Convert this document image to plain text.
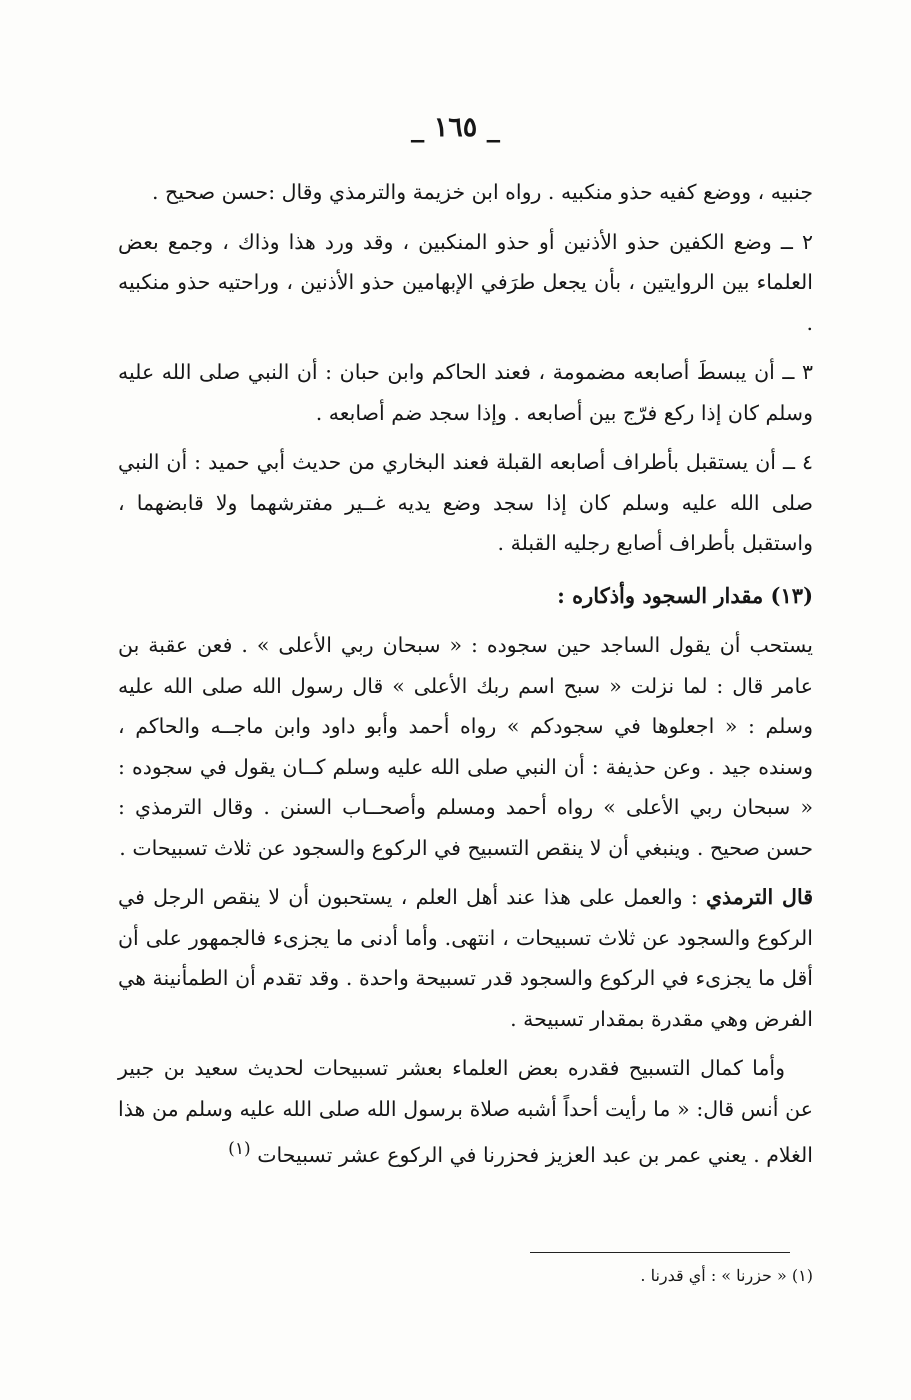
_ ١٦٥ _

جنبيه ، ووضع كفيه حذو منكبيه . رواه ابن خزيمة والترمذي وقال :حسن صحيح .

٢ ــ وضع الكفين حذو الأذنين أو حذو المنكبين ، وقد ورد هذا وذاك ، وجمع بعض العلماء بين الروايتين ، بأن يجعل طرَفي الإبهامين حذو الأذنين ، وراحتيه حذو منكبيه .

٣ ــ أن يبسطَ أصابعه مضمومة ، فعند الحاكم وابن حبان : أن النبي صلى الله عليه وسلم كان إذا ركع فرّج بين أصابعه . وإذا سجد ضم أصابعه .

٤ ــ أن يستقبل بأطراف أصابعه القبلة فعند البخاري من حديث أبي حميد : أن النبي صلى الله عليه وسلم كان إذا سجد وضع يديه غــير مفترشهما ولا قابضهما ، واستقبل بأطراف أصابع رجليه القبلة .

(١٣) مقدار السجود وأذكاره :

يستحب أن يقول الساجد حين سجوده : « سبحان ربي الأعلى » . فعن عقبة بن عامر قال : لما نزلت « سبح اسم ربك الأعلى » قال رسول الله صلى الله عليه وسلم : « اجعلوها في سجودكم » رواه أحمد وأبو داود وابن ماجــه والحاكم ، وسنده جيد . وعن حذيفة : أن النبي صلى الله عليه وسلم كــان يقول في سجوده : « سبحان ربي الأعلى » رواه أحمد ومسلم وأصحــاب السنن . وقال الترمذي : حسن صحيح . وينبغي أن لا ينقص التسبيح في الركوع والسجود عن ثلاث تسبيحات .

قال الترمذي : والعمل على هذا عند أهل العلم ، يستحبون أن لا ينقص الرجل في الركوع والسجود عن ثلاث تسبيحات ، انتهى. وأما أدنى ما يجزىء فالجمهور على أن أقل ما يجزىء في الركوع والسجود قدر تسبيحة واحدة . وقد تقدم أن الطمأنينة هي الفرض وهي مقدرة بمقدار تسبيحة .

وأما كمال التسبيح فقدره بعض العلماء بعشر تسبيحات لحديث سعيد بن جبير عن أنس قال: « ما رأيت أحداً أشبه صلاة برسول الله صلى الله عليه وسلم من هذا الغلام . يعني عمر بن عبد العزيز فحزرنا في الركوع عشر تسبيحات $^{(١)}$

(١) « حزرنا » : أي قدرنا .
